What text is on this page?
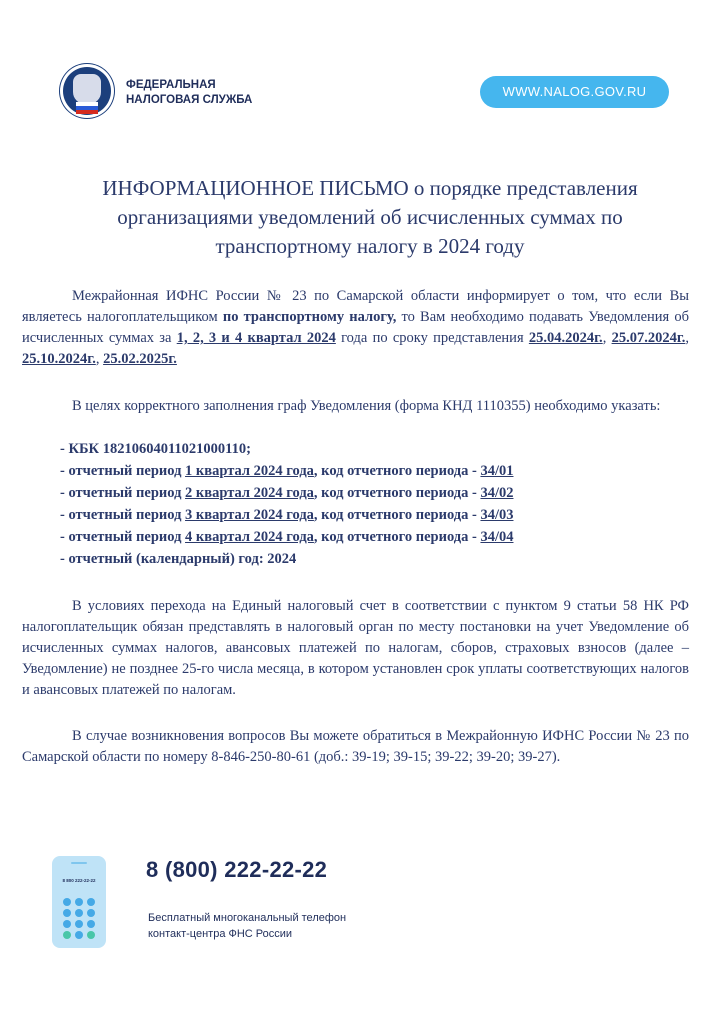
ФЕДЕРАЛЬНАЯ
НАЛОГОВАЯ СЛУЖБА
WWW.NALOG.GOV.RU
ИНФОРМАЦИОННОЕ ПИСЬМО о порядке представления
организациями уведомлений об исчисленных суммах по
транспортному налогу в 2024 году
Межрайонная ИФНС России № 23 по Самарской области информирует о том, что если Вы являетесь налогоплательщиком по транспортному налогу, то Вам необходимо подавать Уведомления об исчисленных суммах за 1, 2, 3 и 4 квартал 2024 года по сроку представления 25.04.2024г., 25.07.2024г., 25.10.2024г., 25.02.2025г.
В целях корректного заполнения граф Уведомления (форма КНД 1110355) необходимо указать:
- КБК 18210604011021000110;
- отчетный период 1 квартал 2024 года, код отчетного периода - 34/01
- отчетный период 2 квартал 2024 года, код отчетного периода - 34/02
- отчетный период 3 квартал 2024 года, код отчетного периода - 34/03
- отчетный период 4 квартал 2024 года, код отчетного периода - 34/04
- отчетный (календарный) год: 2024
В условиях перехода на Единый налоговый счет в соответствии с пунктом 9 статьи 58 НК РФ налогоплательщик обязан представлять в налоговый орган по месту постановки на учет Уведомление об исчисленных суммах налогов, авансовых платежей по налогам, сборов, страховых взносов (далее – Уведомление) не позднее 25-го числа месяца, в котором установлен срок уплаты соответствующих налогов и авансовых платежей по налогам.
В случае возникновения вопросов Вы можете обратиться в Межрайонную ИФНС России № 23 по Самарской области по номеру 8-846-250-80-61 (доб.: 39-19; 39-15; 39-22; 39-20; 39-27).
8 800 222-22-22 8 (800) 222-22-22
Бесплатный многоканальный телефон
контакт-центра ФНС России
